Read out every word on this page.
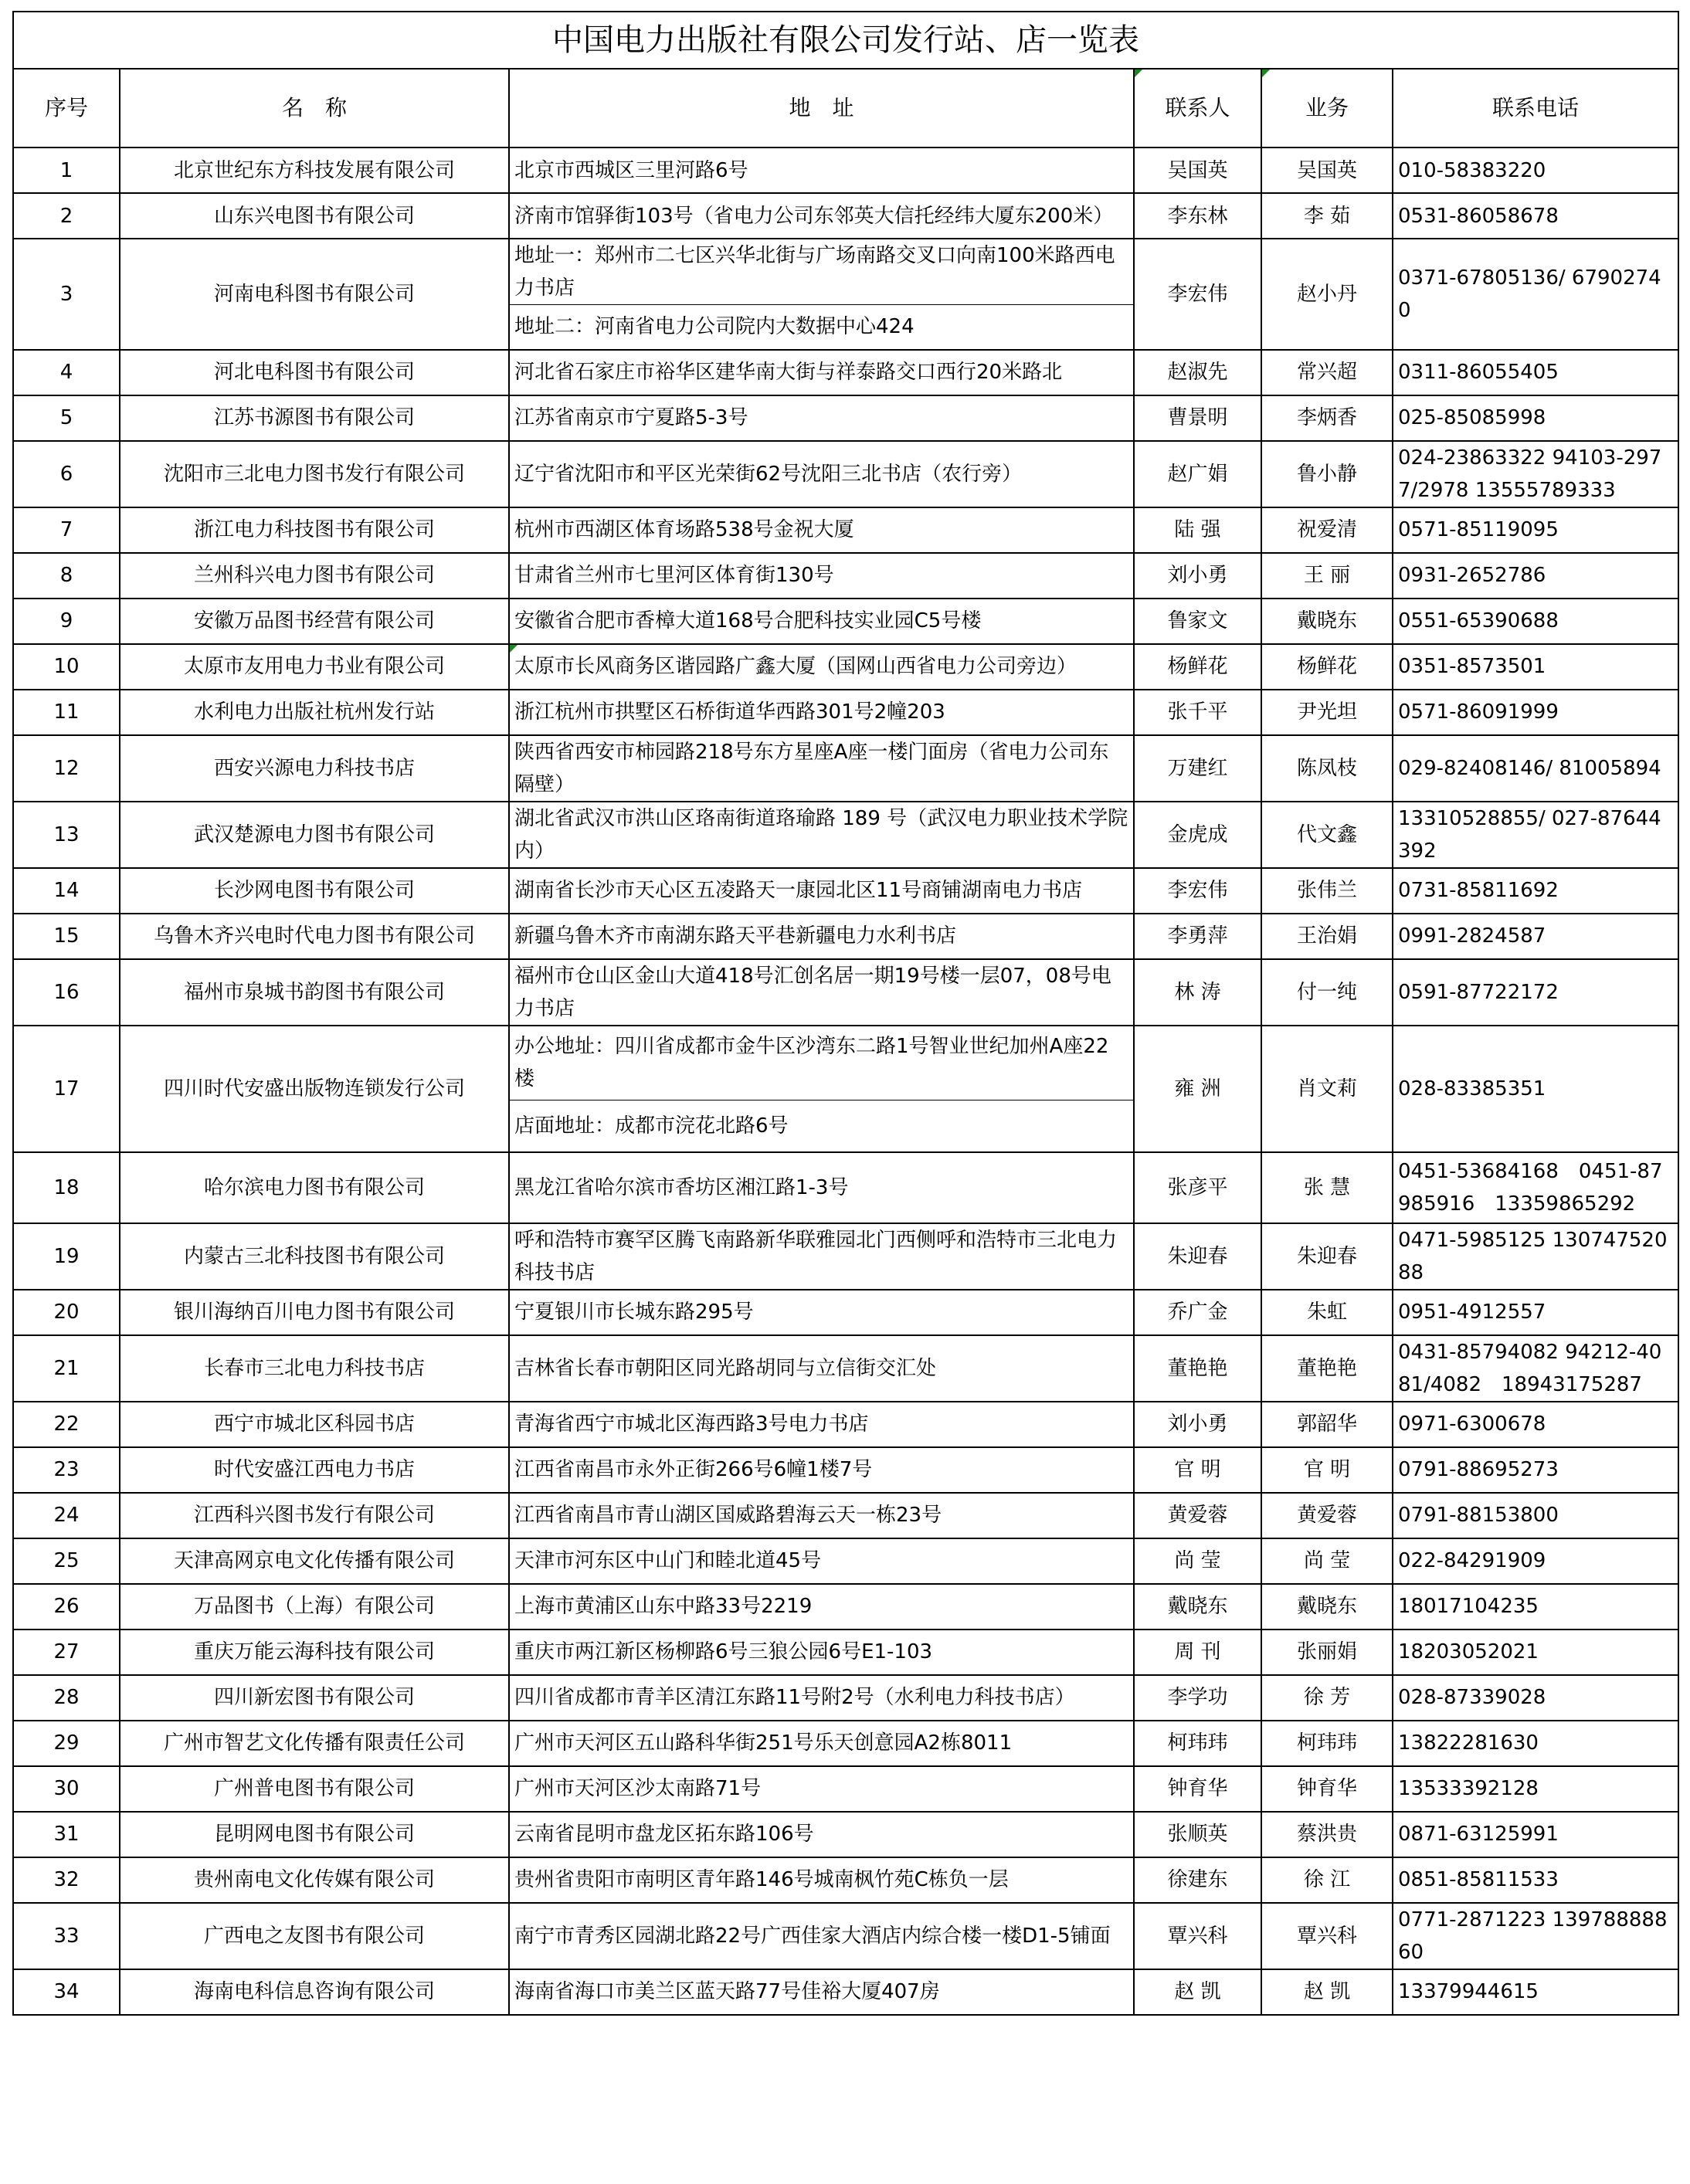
中国电力出版社有限公司发行站、店一览表					
序号	名　称	地　址	联系人	业务	联系电话
1	北京世纪东方科技发展有限公司	北京市西城区三里河路6号	吴国英	吴国英	010-58383220
2	山东兴电图书有限公司	济南市馆驿街103号（省电力公司东邻英大信托经纬大厦东200米）	李东林	李 茹	0531-86058678
3	河南电科图书有限公司	地址一：郑州市二七区兴华北街与广场南路交叉口向南100米路西电力书店	李宏伟	赵小丹	0371-67805136/ 67902740
		地址二：河南省电力公司院内大数据中心424			
4	河北电科图书有限公司	河北省石家庄市裕华区建华南大街与祥泰路交口西行20米路北	赵淑先	常兴超	0311-86055405
5	江苏书源图书有限公司	江苏省南京市宁夏路5-3号	曹景明	李炳香	025-85085998
6	沈阳市三北电力图书发行有限公司	辽宁省沈阳市和平区光荣街62号沈阳三北书店（农行旁）	赵广娟	鲁小静	024-23863322 94103-2977/2978 13555789333
7	浙江电力科技图书有限公司	杭州市西湖区体育场路538号金祝大厦	陆 强	祝爱清	0571-85119095
8	兰州科兴电力图书有限公司	甘肃省兰州市七里河区体育街130号	刘小勇	王 丽	0931-2652786
9	安徽万品图书经营有限公司	安徽省合肥市香樟大道168号合肥科技实业园C5号楼	鲁家文	戴晓东	0551-65390688
10	太原市友用电力书业有限公司	太原市长风商务区谐园路广鑫大厦（国网山西省电力公司旁边）	杨鲜花	杨鲜花	0351-8573501
11	水利电力出版社杭州发行站	浙江杭州市拱墅区石桥街道华西路301号2幢203	张千平	尹光坦	0571-86091999
12	西安兴源电力科技书店	陕西省西安市柿园路218号东方星座A座一楼门面房（省电力公司东隔壁）	万建红	陈凤枝	029-82408146/ 81005894
13	武汉楚源电力图书有限公司	湖北省武汉市洪山区珞南街道珞瑜路 189 号（武汉电力职业技术学院内）	金虎成	代文鑫	13310528855/ 027-87644392
14	长沙网电图书有限公司	湖南省长沙市天心区五凌路天一康园北区11号商铺湖南电力书店	李宏伟	张伟兰	0731-85811692
15	乌鲁木齐兴电时代电力图书有限公司	新疆乌鲁木齐市南湖东路天平巷新疆电力水利书店	李勇萍	王治娟	0991-2824587
16	福州市泉城书韵图书有限公司	福州市仓山区金山大道418号汇创名居一期19号楼一层07，08号电力书店	林 涛	付一纯	0591-87722172
17	四川时代安盛出版物连锁发行公司	办公地址：四川省成都市金牛区沙湾东二路1号智业世纪加州A座22楼	雍 洲	肖文莉	028-83385351
		店面地址：成都市浣花北路6号			
18	哈尔滨电力图书有限公司	黑龙江省哈尔滨市香坊区湘江路1-3号	张彦平	张 慧	0451-53684168　0451-87985916　13359865292
19	内蒙古三北科技图书有限公司	呼和浩特市赛罕区腾飞南路新华联雅园北门西侧呼和浩特市三北电力科技书店	朱迎春	朱迎春	0471-5985125 13074752088
20	银川海纳百川电力图书有限公司	宁夏银川市长城东路295号	乔广金	朱虹	0951-4912557
21	长春市三北电力科技书店	吉林省长春市朝阳区同光路胡同与立信街交汇处	董艳艳	董艳艳	0431-85794082 94212-4081/4082　18943175287
22	西宁市城北区科园书店	青海省西宁市城北区海西路3号电力书店	刘小勇	郭韶华	0971-6300678
23	时代安盛江西电力书店	江西省南昌市永外正街266号6幢1楼7号	官 明	官 明	0791-88695273
24	江西科兴图书发行有限公司	江西省南昌市青山湖区国威路碧海云天一栋23号	黄爱蓉	黄爱蓉	0791-88153800
25	天津高网京电文化传播有限公司	天津市河东区中山门和睦北道45号	尚 莹	尚 莹	022-84291909
26	万品图书（上海）有限公司	上海市黄浦区山东中路33号2219	戴晓东	戴晓东	18017104235
27	重庆万能云海科技有限公司	重庆市两江新区杨柳路6号三狼公园6号E1-103	周 刊	张丽娟	18203052021
28	四川新宏图书有限公司	四川省成都市青羊区清江东路11号附2号（水利电力科技书店）	李学功	徐 芳	028-87339028
29	广州市智艺文化传播有限责任公司	广州市天河区五山路科华街251号乐天创意园A2栋8011	柯玮玮	柯玮玮	13822281630
30	广州普电图书有限公司	广州市天河区沙太南路71号	钟育华	钟育华	13533392128
31	昆明网电图书有限公司	云南省昆明市盘龙区拓东路106号	张顺英	蔡洪贵	0871-63125991
32	贵州南电文化传媒有限公司	贵州省贵阳市南明区青年路146号城南枫竹苑C栋负一层	徐建东	徐 江	0851-85811533
33	广西电之友图书有限公司	南宁市青秀区园湖北路22号广西佳家大酒店内综合楼一楼D1-5铺面	覃兴科	覃兴科	0771-2871223 13978888860
34	海南电科信息咨询有限公司	海南省海口市美兰区蓝天路77号佳裕大厦407房	赵 凯	赵 凯	13379944615
